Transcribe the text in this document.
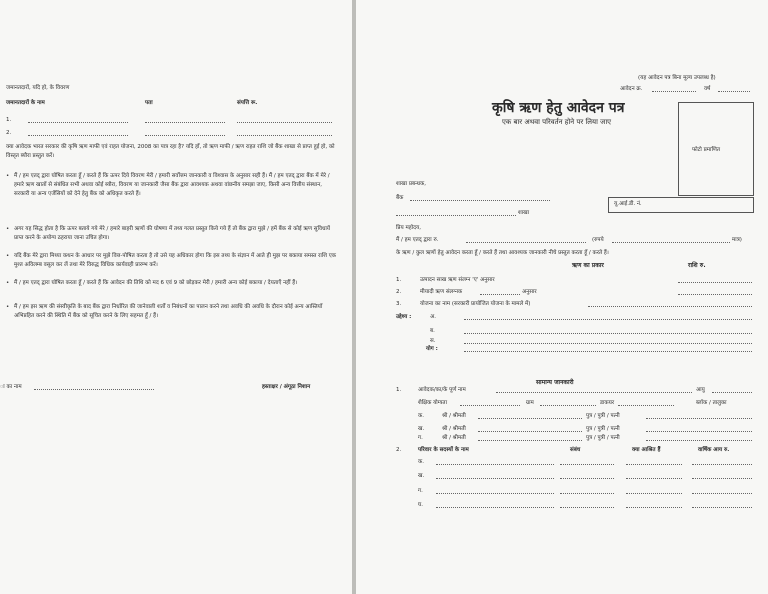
जमानतदारों, यदि हो, के विवरण
जमानतदारों के नाम	पता	संपत्ति रू.
1.
2.
क्या आवेदक भारत सरकार की कृषि ऋण माफी एवं राहत योजना, 2008 का पात्र रहा है? यदि हाँ, तो ऋण माफी / ऋण राहत राशि जो बैंक शाखा से प्राप्त हुई हो, को विस्तृत ब्यौरा प्रस्तुत करें।
• मैं / हम एतद् द्वारा घोषित करता हूँ / करते हैं कि ऊपर दिये विवरण मेरी / हमारी सर्वोत्तम जानकारी व विश्वास के अनुसार सही हैं। मैं / हम एतद् द्वारा बैंक में मेरे / हमारे ऋण खातों से संबंधित सभी अथवा कोई ब्यौरा, विवरण या जानकारी जैसा बैंक द्वारा आवश्यक अथवा वांछनीय समझा जाए, किसी अन्य वित्तीय संस्थान, सरकारी या अन्य एजेंसियों को देने हेतु बैंक को अधिकृत करते हैं।
• अगर यह सिद्ध होता है कि ऊपर बताये गये मेरे / हमारे बाहरी ऋणों की घोषणा में तथ्य गलत प्रस्तुत किये गये हैं तो बैंक द्वारा मुझे / हमें बैंक से कोई ऋण सुविधायें प्राप्त करने के अयोग्य ठहराया जाना उचित होगा।
• यदि बैंक मेरे द्वारा मिथ्या कथन के आधार पर मुझे वित्त-पोषित करता है तो उसे यह अधिकार होगा कि इस तथ्य के संज्ञान में आते ही मुझ पर बकाया समस्त राशि एक मुश्त अविलम्ब वसूल कर लें तथा मेरे विरुद्ध विधिक कार्यवाही प्रारम्भ करें।
• मैं / हम एतद् द्वारा घोषित करता हूँ / करते हैं कि आवेदन की तिथि को मद 6 एवं 9 को छोड़कर मेरी / हमारी अन्य कोई बकाया / देयताएँ नहीं हैं।
• मैं / हम इस ऋण की संस्वीकृति के बाद बैंक द्वारा निर्धारित की जानेवाली शर्तों व निबंधनों का पालन करने तथा अवधि की अवधि के दौरान कोई अन्य आस्तियाँ अभिप्रहित करने की स्थिति में बैंक को सूचित करने के लिए सहमत हूँ / हैं।
ा का नाम	हस्ताक्षर / अंगूठा निशान
(यह आवेदन पत्र बिना मूल्य उपलब्ध है)
आवेदन क्र.	वर्ष
कृषि ऋण हेतु आवेदन पत्र
एक बार अथवा परिवर्तन होने पर लिया जाए
फोटो प्रमाणित
शाखा प्रबन्धक,
बैंक
शाखा
यू.आई.डी. नं.
प्रिय महोदय,
मैं / हम एतद् द्वारा रु.	(रुपये	मात्र)
के ऋण / कुल ऋणों हेतु आवेदन करता हूँ / करते हैं तथा आवश्यक जानकारी नीचे प्रस्तुत करता हूँ / करते हैं।
ऋण का प्रकार	राशि रु.
1.	उत्पादन साख ऋण संलग्न 'ए' अनुसार
2.	मीयादी ऋण संलग्नक	अनुसार
3.	योजना का नाम (सरकारी प्रायोजित योजना के मामले में)
उद्देश्य :	अ.
ब.
स.
योग :
सामान्य जानकारी
1.	आवेदक/का/के पूर्ण नाम	आयु
शैक्षिक योग्यता	ग्राम	डाकघर	ब्लॉक / तालुका
क.	श्री / श्रीमती	पुत्र / पुत्री / पत्नी
ख.	श्री / श्रीमती	पुत्र / पुत्री / पत्नी
ग.	श्री / श्रीमती	पुत्र / पुत्री / पत्नी
2.	परिवार के सदस्यों के नाम	संबंध	क्या आश्रित हैं	वार्षिक आय रु.
क.
ख.
ग.
घ.
